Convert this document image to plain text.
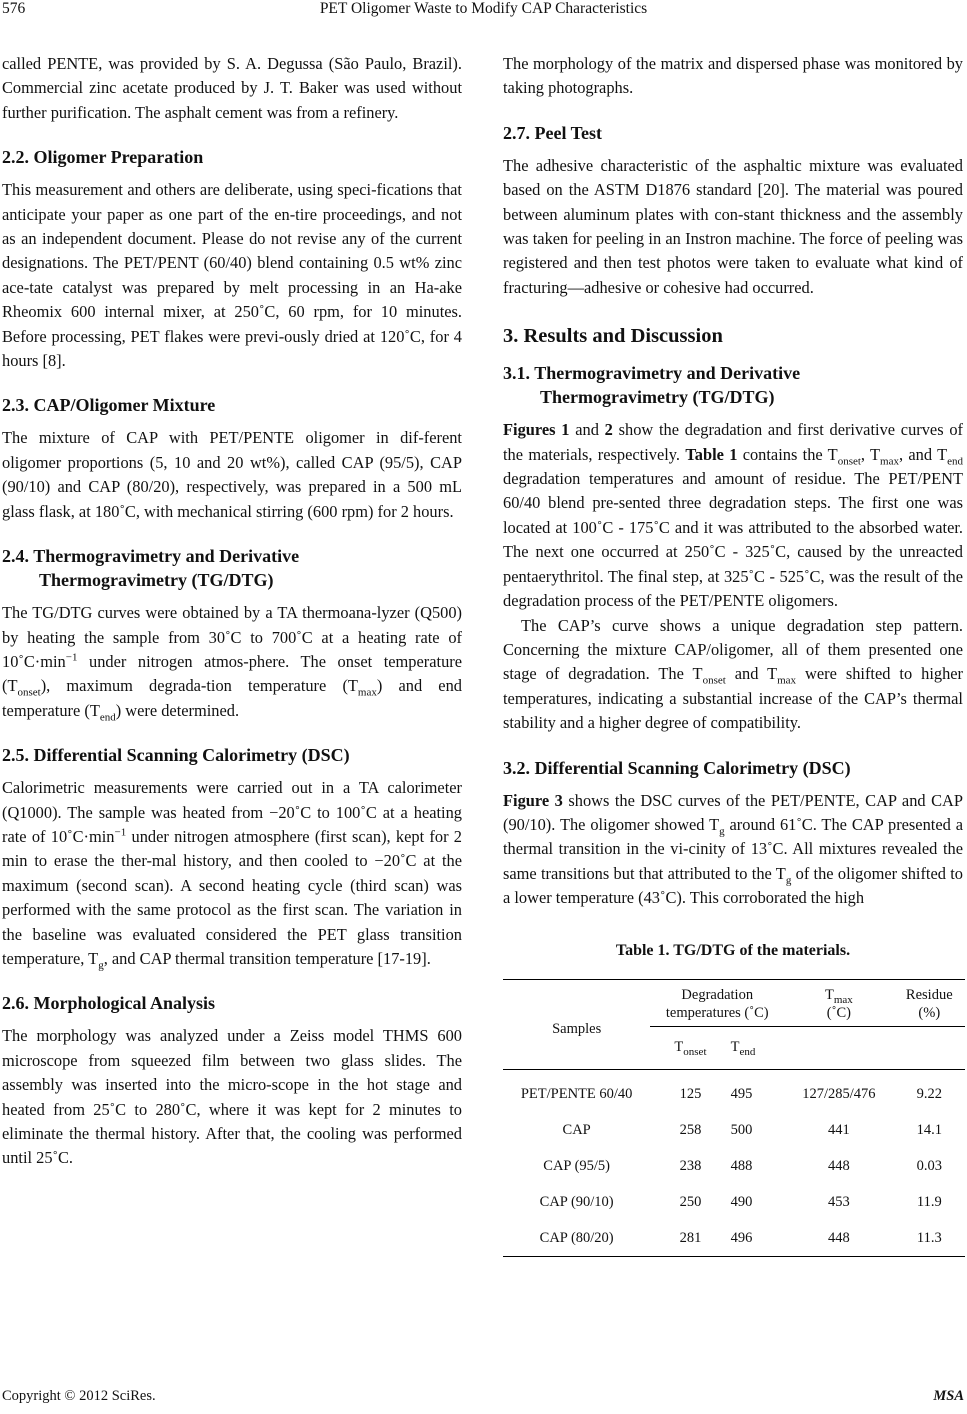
576	PET Oligomer Waste to Modify CAP Characteristics

called PENTE, was provided by S. A. Degussa (São Paulo, Brazil). Commercial zinc acetate produced by J. T. Baker was used without further purification. The asphalt cement was from a refinery.

2.2. Oligomer Preparation

This measurement and others are deliberate, using speci-fications that anticipate your paper as one part of the en-tire proceedings, and not as an independent document. Please do not revise any of the current designations. The PET/PENT (60/40) blend containing 0.5 wt% zinc ace-tate catalyst was prepared by melt processing in an Ha-ake Rheomix 600 internal mixer, at 250˚C, 60 rpm, for 10 minutes. Before processing, PET flakes were previ-ously dried at 120˚C, for 4 hours [8].

2.3. CAP/Oligomer Mixture

The mixture of CAP with PET/PENTE oligomer in dif-ferent oligomer proportions (5, 10 and 20 wt%), called CAP (95/5), CAP (90/10) and CAP (80/20), respectively, was prepared in a 500 mL glass flask, at 180˚C, with mechanical stirring (600 rpm) for 2 hours.

2.4. Thermogravimetry and Derivative
Thermogravimetry (TG/DTG)

The TG/DTG curves were obtained by a TA thermoana-lyzer (Q500) by heating the sample from 30˚C to 700˚C at a heating rate of $10˚C\cdot\min^{-1}$ under nitrogen atmos-phere. The onset temperature $(T_{onset})$, maximum degrada-tion temperature $(T_{max})$ and end temperature $(T_{end})$ were determined.

2.5. Differential Scanning Calorimetry (DSC)

Calorimetric measurements were carried out in a TA calorimeter (Q1000). The sample was heated from −20˚C to 100˚C at a heating rate of $10˚C\cdot\min^{-1}$ under nitrogen atmosphere (first scan), kept for 2 min to erase the ther-mal history, and then cooled to −20˚C at the maximum (second scan). A second heating cycle (third scan) was performed with the same protocol as the first scan. The variation in the baseline was evaluated considered the PET glass transition temperature, $T_g$, and CAP thermal transition temperature [17-19].

2.6. Morphological Analysis

The morphology was analyzed under a Zeiss model THMS 600 microscope from squeezed film between two glass slides. The assembly was inserted into the micro-scope in the hot stage and heated from 25˚C to 280˚C, where it was kept for 2 minutes to eliminate the thermal history. After that, the cooling was performed until 25˚C.

The morphology of the matrix and dispersed phase was monitored by taking photographs.

2.7. Peel Test

The adhesive characteristic of the asphaltic mixture was evaluated based on the ASTM D1876 standard [20]. The material was poured between aluminum plates with con-stant thickness and the assembly was taken for peeling in an Instron machine. The force of peeling was registered and then test photos were taken to evaluate what kind of fracturing—adhesive or cohesive had occurred.

3. Results and Discussion
3.1. Thermogravimetry and Derivative
Thermogravimetry (TG/DTG)

Figures 1 and 2 show the degradation and first derivative curves of the materials, respectively. Table 1 contains the $T_{onset}$, $T_{max}$, and $T_{end}$ degradation temperatures and amount of residue. The PET/PENT 60/40 blend pre-sented three degradation steps. The first one was located at 100˚C - 175˚C and it was attributed to the absorbed water. The next one occurred at 250˚C - 325˚C, caused by the unreacted pentaerythritol. The final step, at 325˚C - 525˚C, was the result of the degradation process of the PET/PENTE oligomers.

The CAP’s curve shows a unique degradation step pattern. Concerning the mixture CAP/oligomer, all of them presented one stage of degradation. The $T_{onset}$ and $T_{max}$ were shifted to higher temperatures, indicating a substantial increase of the CAP’s thermal stability and a higher degree of compatibility.

3.2. Differential Scanning Calorimetry (DSC)

Figure 3 shows the DSC curves of the PET/PENTE, CAP and CAP (90/10). The oligomer showed $T_g$ around 61˚C. The CAP presented a thermal transition in the vi-cinity of 13˚C. All mixtures revealed the same transitions but that attributed to the $T_g$ of the oligomer shifted to a lower temperature (43˚C). This corroborated the high

Table 1. TG/DTG of the materials.

Samples	Degradation
temperatures (˚C)		$T_{max}$
(˚C)	Residue
(%)
	$T_{onset}$	$T_{end}$		
PET/PENTE 60/40	125	495	127/285/476	9.22
CAP	258	500	441	14.1
CAP (95/5)	238	488	448	0.03
CAP (90/10)	250	490	453	11.9
CAP (80/20)	281	496	448	11.3
Copyright © 2012 SciRes.	MSA
